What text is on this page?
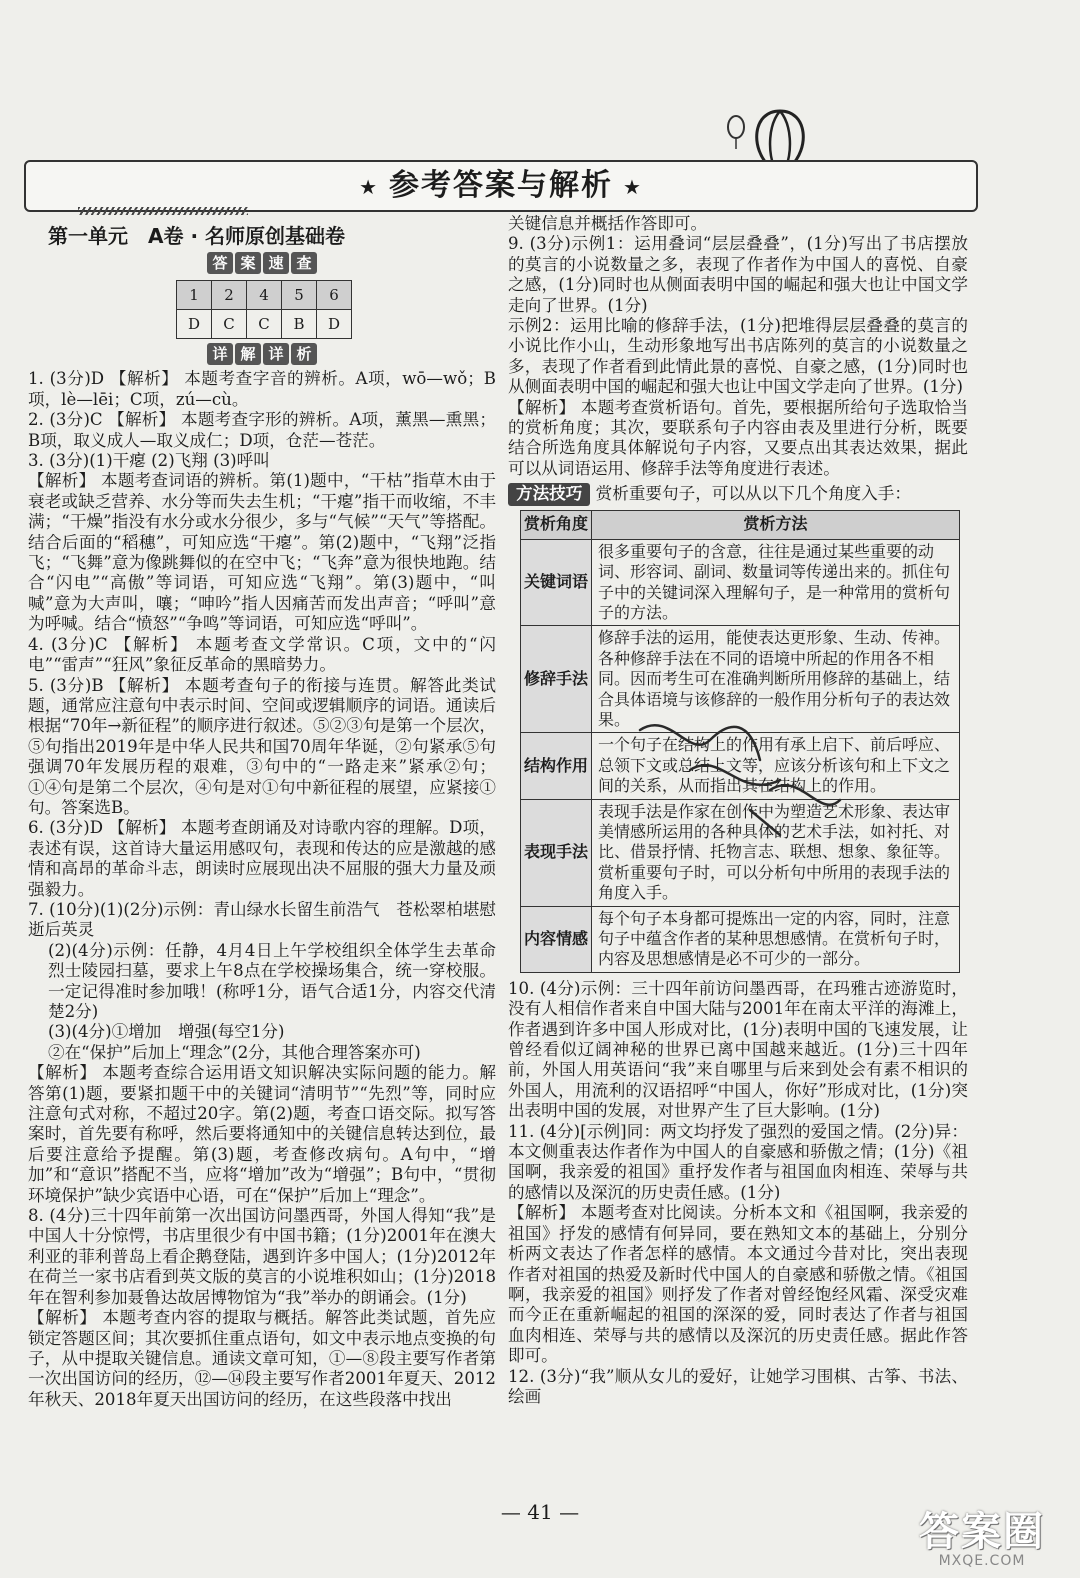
★ 参考答案与解析 ★

第一单元　A卷 · 名师原创基础卷

答 案 速 查
1	2	4	5	6
D	C	C	B	D
详 解 详 析

1. (3分)D 【解析】 本题考查字音的辨析。A项，wō—wǒ；B项，lè—lēi；C项，zú—cù。

2. (3分)C 【解析】 本题考查字形的辨析。A项，薰黑—熏黑；B项，取义成人—取义成仁；D项，仓茫—苍茫。

3. (3分)(1)干瘪 (2)飞翔 (3)呼叫

【解析】 本题考查词语的辨析。第(1)题中，“干枯”指草木由于衰老或缺乏营养、水分等而失去生机；“干瘪”指干而收缩，不丰满；“干燥”指没有水分或水分很少，多与“气候”“天气”等搭配。结合后面的“稻穗”，可知应选“干瘪”。第(2)题中，“飞翔”泛指飞；“飞舞”意为像跳舞似的在空中飞；“飞奔”意为很快地跑。结合“闪电”“高傲”等词语，可知应选“飞翔”。第(3)题中，“叫喊”意为大声叫，嚷；“呻吟”指人因痛苦而发出声音；“呼叫”意为呼喊。结合“愤怒”“争鸣”等词语，可知应选“呼叫”。

4. (3分)C 【解析】 本题考查文学常识。C项，文中的“闪电”“雷声”“狂风”象征反革命的黑暗势力。

5. (3分)B 【解析】 本题考查句子的衔接与连贯。解答此类试题，通常应注意句中表示时间、空间或逻辑顺序的词语。通读后根据“70年→新征程”的顺序进行叙述。⑤②③句是第一个层次，⑤句指出2019年是中华人民共和国70周年华诞，②句紧承⑤句强调70年发展历程的艰难，③句中的“一路走来”紧承②句；①④句是第二个层次，④句是对①句中新征程的展望，应紧接①句。答案选B。

6. (3分)D 【解析】 本题考查朗诵及对诗歌内容的理解。D项，表述有误，这首诗大量运用感叹句，表现和传达的应是激越的感情和高昂的革命斗志，朗读时应展现出决不屈服的强大力量及顽强毅力。

7. (10分)(1)(2分)示例：青山绿水长留生前浩气　苍松翠柏堪慰逝后英灵

(2)(4分)示例：任静，4月4日上午学校组织全体学生去革命烈士陵园扫墓，要求上午8点在学校操场集合，统一穿校服。一定记得准时参加哦！(称呼1分，语气合适1分，内容交代清楚2分)

(3)(4分)①增加　增强(每空1分)

②在“保护”后加上“理念”(2分，其他合理答案亦可)

【解析】 本题考查综合运用语文知识解决实际问题的能力。解答第(1)题，要紧扣题干中的关键词“清明节”“先烈”等，同时应注意句式对称，不超过20字。第(2)题，考查口语交际。拟写答案时，首先要有称呼，然后要将通知中的关键信息转达到位，最后要注意给予提醒。第(3)题，考查修改病句。A句中，“增加”和“意识”搭配不当，应将“增加”改为“增强”；B句中，“贯彻环境保护”缺少宾语中心语，可在“保护”后加上“理念”。

8. (4分)三十四年前第一次出国访问墨西哥，外国人得知“我”是中国人十分惊愕，书店里很少有中国书籍；(1分)2001年在澳大利亚的菲利普岛上看企鹅登陆，遇到许多中国人；(1分)2012年在荷兰一家书店看到英文版的莫言的小说堆积如山；(1分)2018年在智利参加聂鲁达故居博物馆为“我”举办的朗诵会。(1分)

【解析】 本题考查内容的提取与概括。解答此类试题，首先应锁定答题区间；其次要抓住重点语句，如文中表示地点变换的句子，从中提取关键信息。通读文章可知，①—⑧段主要写作者第一次出国访问的经历，⑫—⑭段主要写作者2001年夏天、2012年秋天、2018年夏天出国访问的经历，在这些段落中找出

关键信息并概括作答即可。

9. (3分)示例1：运用叠词“层层叠叠”，(1分)写出了书店摆放的莫言的小说数量之多，表现了作者作为中国人的喜悦、自豪之感，(1分)同时也从侧面表明中国的崛起和强大也让中国文学走向了世界。(1分)

示例2：运用比喻的修辞手法，(1分)把堆得层层叠叠的莫言的小说比作小山，生动形象地写出书店陈列的莫言的小说数量之多，表现了作者看到此情此景的喜悦、自豪之感，(1分)同时也从侧面表明中国的崛起和强大也让中国文学走向了世界。(1分)

【解析】 本题考查赏析语句。首先，要根据所给句子选取恰当的赏析角度；其次，要联系句子内容由表及里进行分析，既要结合所选角度具体解说句子内容，又要点出其表达效果，据此可以从词语运用、修辞手法等角度进行表述。

方法技巧 赏析重要句子，可以从以下几个角度入手：

赏析角度	赏析方法
关键词语	很多重要句子的含意，往往是通过某些重要的动词、形容词、副词、数量词等传递出来的。抓住句子中的关键词深入理解句子，是一种常用的赏析句子的方法。
修辞手法	修辞手法的运用，能使表达更形象、生动、传神。各种修辞手法在不同的语境中所起的作用各不相同。因而考生可在准确判断所用修辞的基础上，结合具体语境与该修辞的一般作用分析句子的表达效果。
结构作用	一个句子在结构上的作用有承上启下、前后呼应、总领下文或总结上文等，应该分析该句和上下文之间的关系，从而指出其在结构上的作用。
表现手法	表现手法是作家在创作中为塑造艺术形象、表达审美情感所运用的各种具体的艺术手法，如衬托、对比、借景抒情、托物言志、联想、想象、象征等。赏析重要句子时，可以分析句中所用的表现手法的角度入手。
内容情感	每个句子本身都可提炼出一定的内容，同时，注意句子中蕴含作者的某种思想感情。在赏析句子时，内容及思想感情是必不可少的一部分。

10. (4分)示例：三十四年前访问墨西哥，在玛雅古迹游览时，没有人相信作者来自中国大陆与2001年在南太平洋的海滩上，作者遇到许多中国人形成对比，(1分)表明中国的飞速发展，让曾经看似辽阔神秘的世界已离中国越来越近。(1分)三十四年前，外国人用英语问“我”来自哪里与后来到处会有素不相识的外国人，用流利的汉语招呼“中国人，你好”形成对比，(1分)突出表明中国的发展，对世界产生了巨大影响。(1分)

11. (4分)[示例]同：两文均抒发了强烈的爱国之情。(2分)异：本文侧重表达作者作为中国人的自豪感和骄傲之情；(1分)《祖国啊，我亲爱的祖国》重抒发作者与祖国血肉相连、荣辱与共的感情以及深沉的历史责任感。(1分)

【解析】 本题考查对比阅读。分析本文和《祖国啊，我亲爱的祖国》抒发的感情有何异同，要在熟知文本的基础上，分别分析两文表达了作者怎样的感情。本文通过今昔对比，突出表现作者对祖国的热爱及新时代中国人的自豪感和骄傲之情。《祖国啊，我亲爱的祖国》则抒发了作者对曾经饱经风霜、深受灾难而今正在重新崛起的祖国的深深的爱，同时表达了作者与祖国血肉相连、荣辱与共的感情以及深沉的历史责任感。据此作答即可。

12. (3分)“我”顺从女儿的爱好，让她学习围棋、古筝、书法、绘画

— 41 —	答案圈
MXQE.COM
